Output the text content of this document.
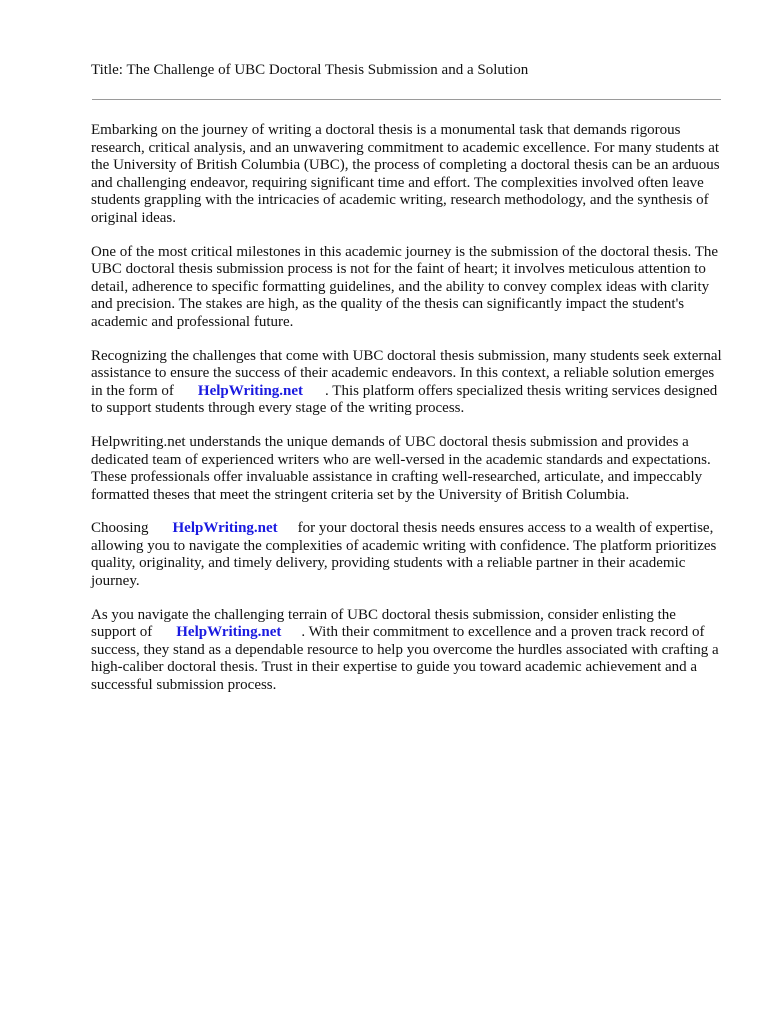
Title: The Challenge of UBC Doctoral Thesis Submission and a Solution

Embarking on the journey of writing a doctoral thesis is a monumental task that demands rigorous research, critical analysis, and an unwavering commitment to academic excellence. For many students at the University of British Columbia (UBC), the process of completing a doctoral thesis can be an arduous and challenging endeavor, requiring significant time and effort. The complexities involved often leave students grappling with the intricacies of academic writing, research methodology, and the synthesis of original ideas.

One of the most critical milestones in this academic journey is the submission of the doctoral thesis. The UBC doctoral thesis submission process is not for the faint of heart; it involves meticulous attention to detail, adherence to specific formatting guidelines, and the ability to convey complex ideas with clarity and precision. The stakes are high, as the quality of the thesis can significantly impact the student's academic and professional future.

Recognizing the challenges that come with UBC doctoral thesis submission, many students seek external assistance to ensure the success of their academic endeavors. In this context, a reliable solution emerges in the form of HelpWriting.net . This platform offers specialized thesis writing services designed to support students through every stage of the writing process.

Helpwriting.net understands the unique demands of UBC doctoral thesis submission and provides a dedicated team of experienced writers who are well-versed in the academic standards and expectations. These professionals offer invaluable assistance in crafting well-researched, articulate, and impeccably formatted theses that meet the stringent criteria set by the University of British Columbia.

Choosing HelpWriting.net for your doctoral thesis needs ensures access to a wealth of expertise, allowing you to navigate the complexities of academic writing with confidence. The platform prioritizes quality, originality, and timely delivery, providing students with a reliable partner in their academic journey.

As you navigate the challenging terrain of UBC doctoral thesis submission, consider enlisting the support of HelpWriting.net . With their commitment to excellence and a proven track record of success, they stand as a dependable resource to help you overcome the hurdles associated with crafting a high-caliber doctoral thesis. Trust in their expertise to guide you toward academic achievement and a successful submission process.
